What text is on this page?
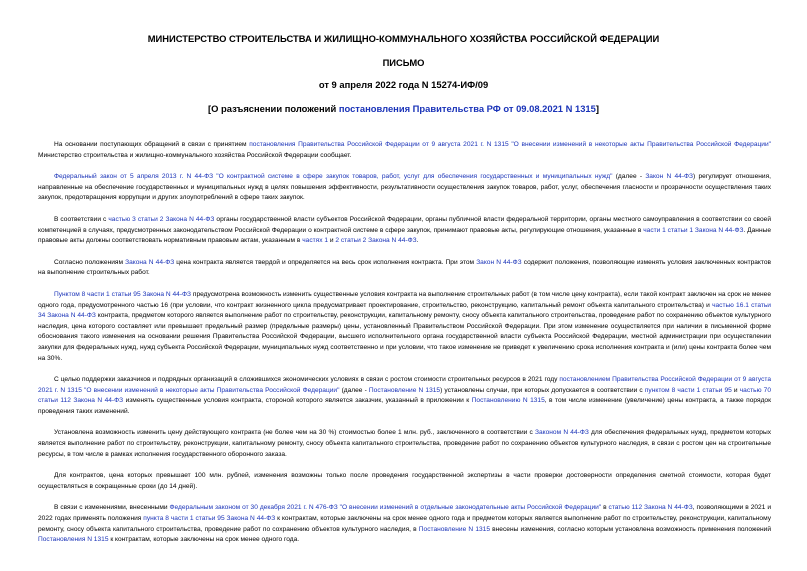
МИНИСТЕРСТВО СТРОИТЕЛЬСТВА И ЖИЛИЩНО-КОММУНАЛЬНОГО ХОЗЯЙСТВА РОССИЙСКОЙ ФЕДЕРАЦИИ
ПИСЬМО
от 9 апреля 2022 года N 15274-ИФ/09
[О разъяснении положений постановления Правительства РФ от 09.08.2021 N 1315]

На основании поступающих обращений в связи с принятием постановления Правительства Российской Федерации от 9 августа 2021 г. N 1315 "О внесении изменений в некоторые акты Правительства Российской Федерации" Министерство строительства и жилищно-коммунального хозяйства Российской Федерации сообщает.

Федеральный закон от 5 апреля 2013 г. N 44-ФЗ "О контрактной системе в сфере закупок товаров, работ, услуг для обеспечения государственных и муниципальных нужд" (далее - Закон N 44-ФЗ) регулирует отношения, направленные на обеспечение государственных и муниципальных нужд в целях повышения эффективности, результативности осуществления закупок товаров, работ, услуг, обеспечения гласности и прозрачности осуществления таких закупок, предотвращения коррупции и других злоупотреблений в сфере таких закупок.

В соответствии с частью 3 статьи 2 Закона N 44-ФЗ органы государственной власти субъектов Российской Федерации, органы публичной власти федеральной территории, органы местного самоуправления в соответствии со своей компетенцией в случаях, предусмотренных законодательством Российской Федерации о контрактной системе в сфере закупок, принимают правовые акты, регулирующие отношения, указанные в части 1 статьи 1 Закона N 44-ФЗ. Данные правовые акты должны соответствовать нормативным правовым актам, указанным в частях 1 и 2 статьи 2 Закона N 44-ФЗ.

Согласно положениям Закона N 44-ФЗ цена контракта является твердой и определяется на весь срок исполнения контракта. При этом Закон N 44-ФЗ содержит положения, позволяющие изменять условия заключенных контрактов на выполнение строительных работ.

Пунктом 8 части 1 статьи 95 Закона N 44-ФЗ предусмотрена возможность изменить существенные условия контракта на выполнение строительных работ (в том числе цену контракта), если такой контракт заключен на срок не менее одного года, предусмотренного частью 16 (при условии, что контракт жизненного цикла предусматривает проектирование, строительство, реконструкцию, капитальный ремонт объекта капитального строительства) и частью 16.1 статьи 34 Закона N 44-ФЗ контракта, предметом которого является выполнение работ по строительству, реконструкции, капитальному ремонту, сносу объекта капитального строительства, проведение работ по сохранению объектов культурного наследия, цена которого составляет или превышает предельный размер (предельные размеры) цены, установленный Правительством Российской Федерации. При этом изменение осуществляется при наличии в письменной форме обоснования такого изменения на основании решения Правительства Российской Федерации, высшего исполнительного органа государственной власти субъекта Российской Федерации, местной администрации при осуществлении закупки для федеральных нужд, нужд субъекта Российской Федерации, муниципальных нужд соответственно и при условии, что такое изменение не приведет к увеличению срока исполнения контракта и (или) цены контракта более чем на 30%.

С целью поддержки заказчиков и подрядных организаций в сложившихся экономических условиях в связи с ростом стоимости строительных ресурсов в 2021 году постановлением Правительства Российской Федерации от 9 августа 2021 г. N 1315 "О внесении изменений в некоторые акты Правительства Российской Федерации" (далее - Постановление N 1315) установлены случаи, при которых допускается в соответствии с пунктом 8 части 1 статьи 95 и частью 70 статьи 112 Закона N 44-ФЗ изменять существенные условия контракта, стороной которого является заказчик, указанный в приложении к Постановлению N 1315, в том числе изменение (увеличение) цены контракта, а также порядок проведения таких изменений.

Установлена возможность изменить цену действующего контракта (не более чем на 30 %) стоимостью более 1 млн. руб., заключенного в соответствии с Законом N 44-ФЗ для обеспечения федеральных нужд, предметом которых является выполнение работ по строительству, реконструкции, капитальному ремонту, сносу объекта капитального строительства, проведение работ по сохранению объектов культурного наследия, в связи с ростом цен на строительные ресурсы, в том числе в рамках исполнения государственного оборонного заказа.

Для контрактов, цена которых превышает 100 млн. рублей, изменения возможны только после проведения государственной экспертизы в части проверки достоверности определения сметной стоимости, которая будет осуществляться в сокращенные сроки (до 14 дней).

В связи с изменениями, внесенными Федеральным законом от 30 декабря 2021 г. N 476-ФЗ "О внесении изменений в отдельные законодательные акты Российской Федерации" в статью 112 Закона N 44-ФЗ, позволяющими в 2021 и 2022 годах применять положения пункта 8 части 1 статьи 95 Закона N 44-ФЗ к контрактам, которые заключены на срок менее одного года и предметом которых является выполнение работ по строительству, реконструкции, капитальному ремонту, сносу объекта капитального строительства, проведение работ по сохранению объектов культурного наследия, в Постановление N 1315 внесены изменения, согласно которым установлена возможность применения положений Постановления N 1315 к контрактам, которые заключены на срок менее одного года.
